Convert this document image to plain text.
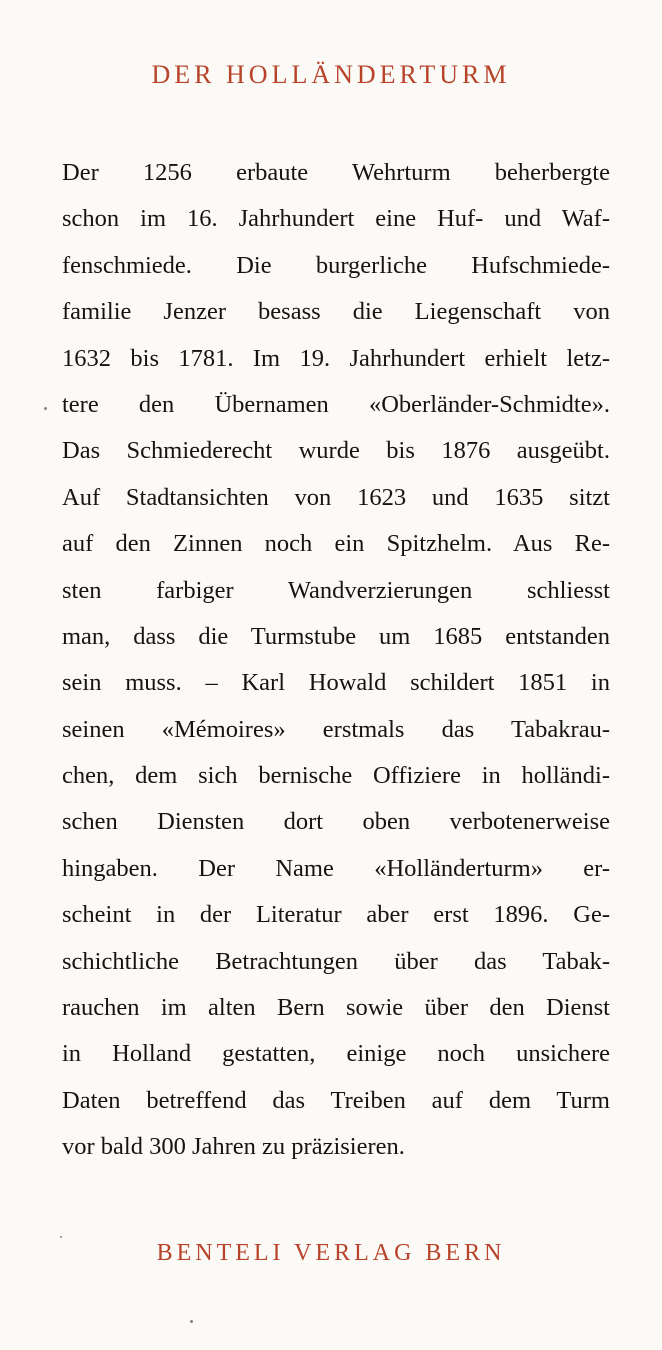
DER HOLLÄNDERTURM
Der 1256 erbaute Wehrturm beherbergte
schon im 16. Jahrhundert eine Huf- und Waf-
fenschmiede. Die burgerliche Hufschmiede-
familie Jenzer besass die Liegenschaft von
1632 bis 1781. Im 19. Jahrhundert erhielt letz-
tere den Übernamen «Oberländer-Schmidte».
Das Schmiederecht wurde bis 1876 ausgeübt.
Auf Stadtansichten von 1623 und 1635 sitzt
auf den Zinnen noch ein Spitzhelm. Aus Re-
sten farbiger Wandverzierungen schliesst
man, dass die Turmstube um 1685 entstanden
sein muss. – Karl Howald schildert 1851 in
seinen «Mémoires» erstmals das Tabakrau-
chen, dem sich bernische Offiziere in holländi-
schen Diensten dort oben verbotenerweise
hingaben. Der Name «Holländerturm» er-
scheint in der Literatur aber erst 1896. Ge-
schichtliche Betrachtungen über das Tabak-
rauchen im alten Bern sowie über den Dienst
in Holland gestatten, einige noch unsichere
Daten betreffend das Treiben auf dem Turm
vor bald 300 Jahren zu präzisieren.

BENTELI VERLAG BERN
